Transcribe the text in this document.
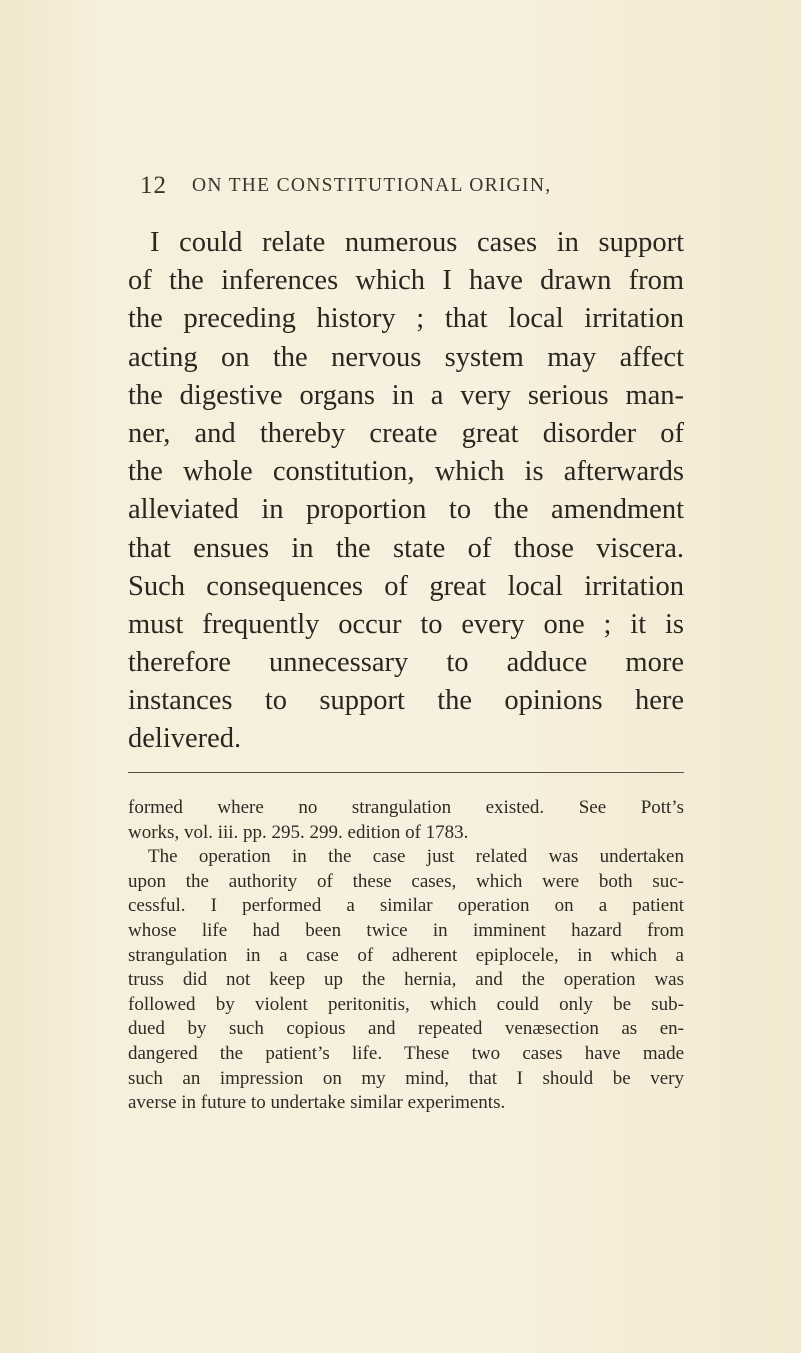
12 ON THE CONSTITUTIONAL ORIGIN,
I could relate numerous cases in support
of the inferences which I have drawn from
the preceding history ; that local irritation
acting on the nervous system may affect
the digestive organs in a very serious man-
ner, and thereby create great disorder of
the whole constitution, which is afterwards
alleviated in proportion to the amendment
that ensues in the state of those viscera.
Such consequences of great local irritation
must frequently occur to every one ; it is
therefore unnecessary to adduce more
instances to support the opinions here
delivered.
formed where no strangulation existed. See Pott’s
works, vol. iii. pp. 295. 299. edition of 1783.
The operation in the case just related was undertaken
upon the authority of these cases, which were both suc-
cessful. I performed a similar operation on a patient
whose life had been twice in imminent hazard from
strangulation in a case of adherent epiplocele, in which a
truss did not keep up the hernia, and the operation was
followed by violent peritonitis, which could only be sub-
dued by such copious and repeated venæsection as en-
dangered the patient’s life. These two cases have made
such an impression on my mind, that I should be very
averse in future to undertake similar experiments.
